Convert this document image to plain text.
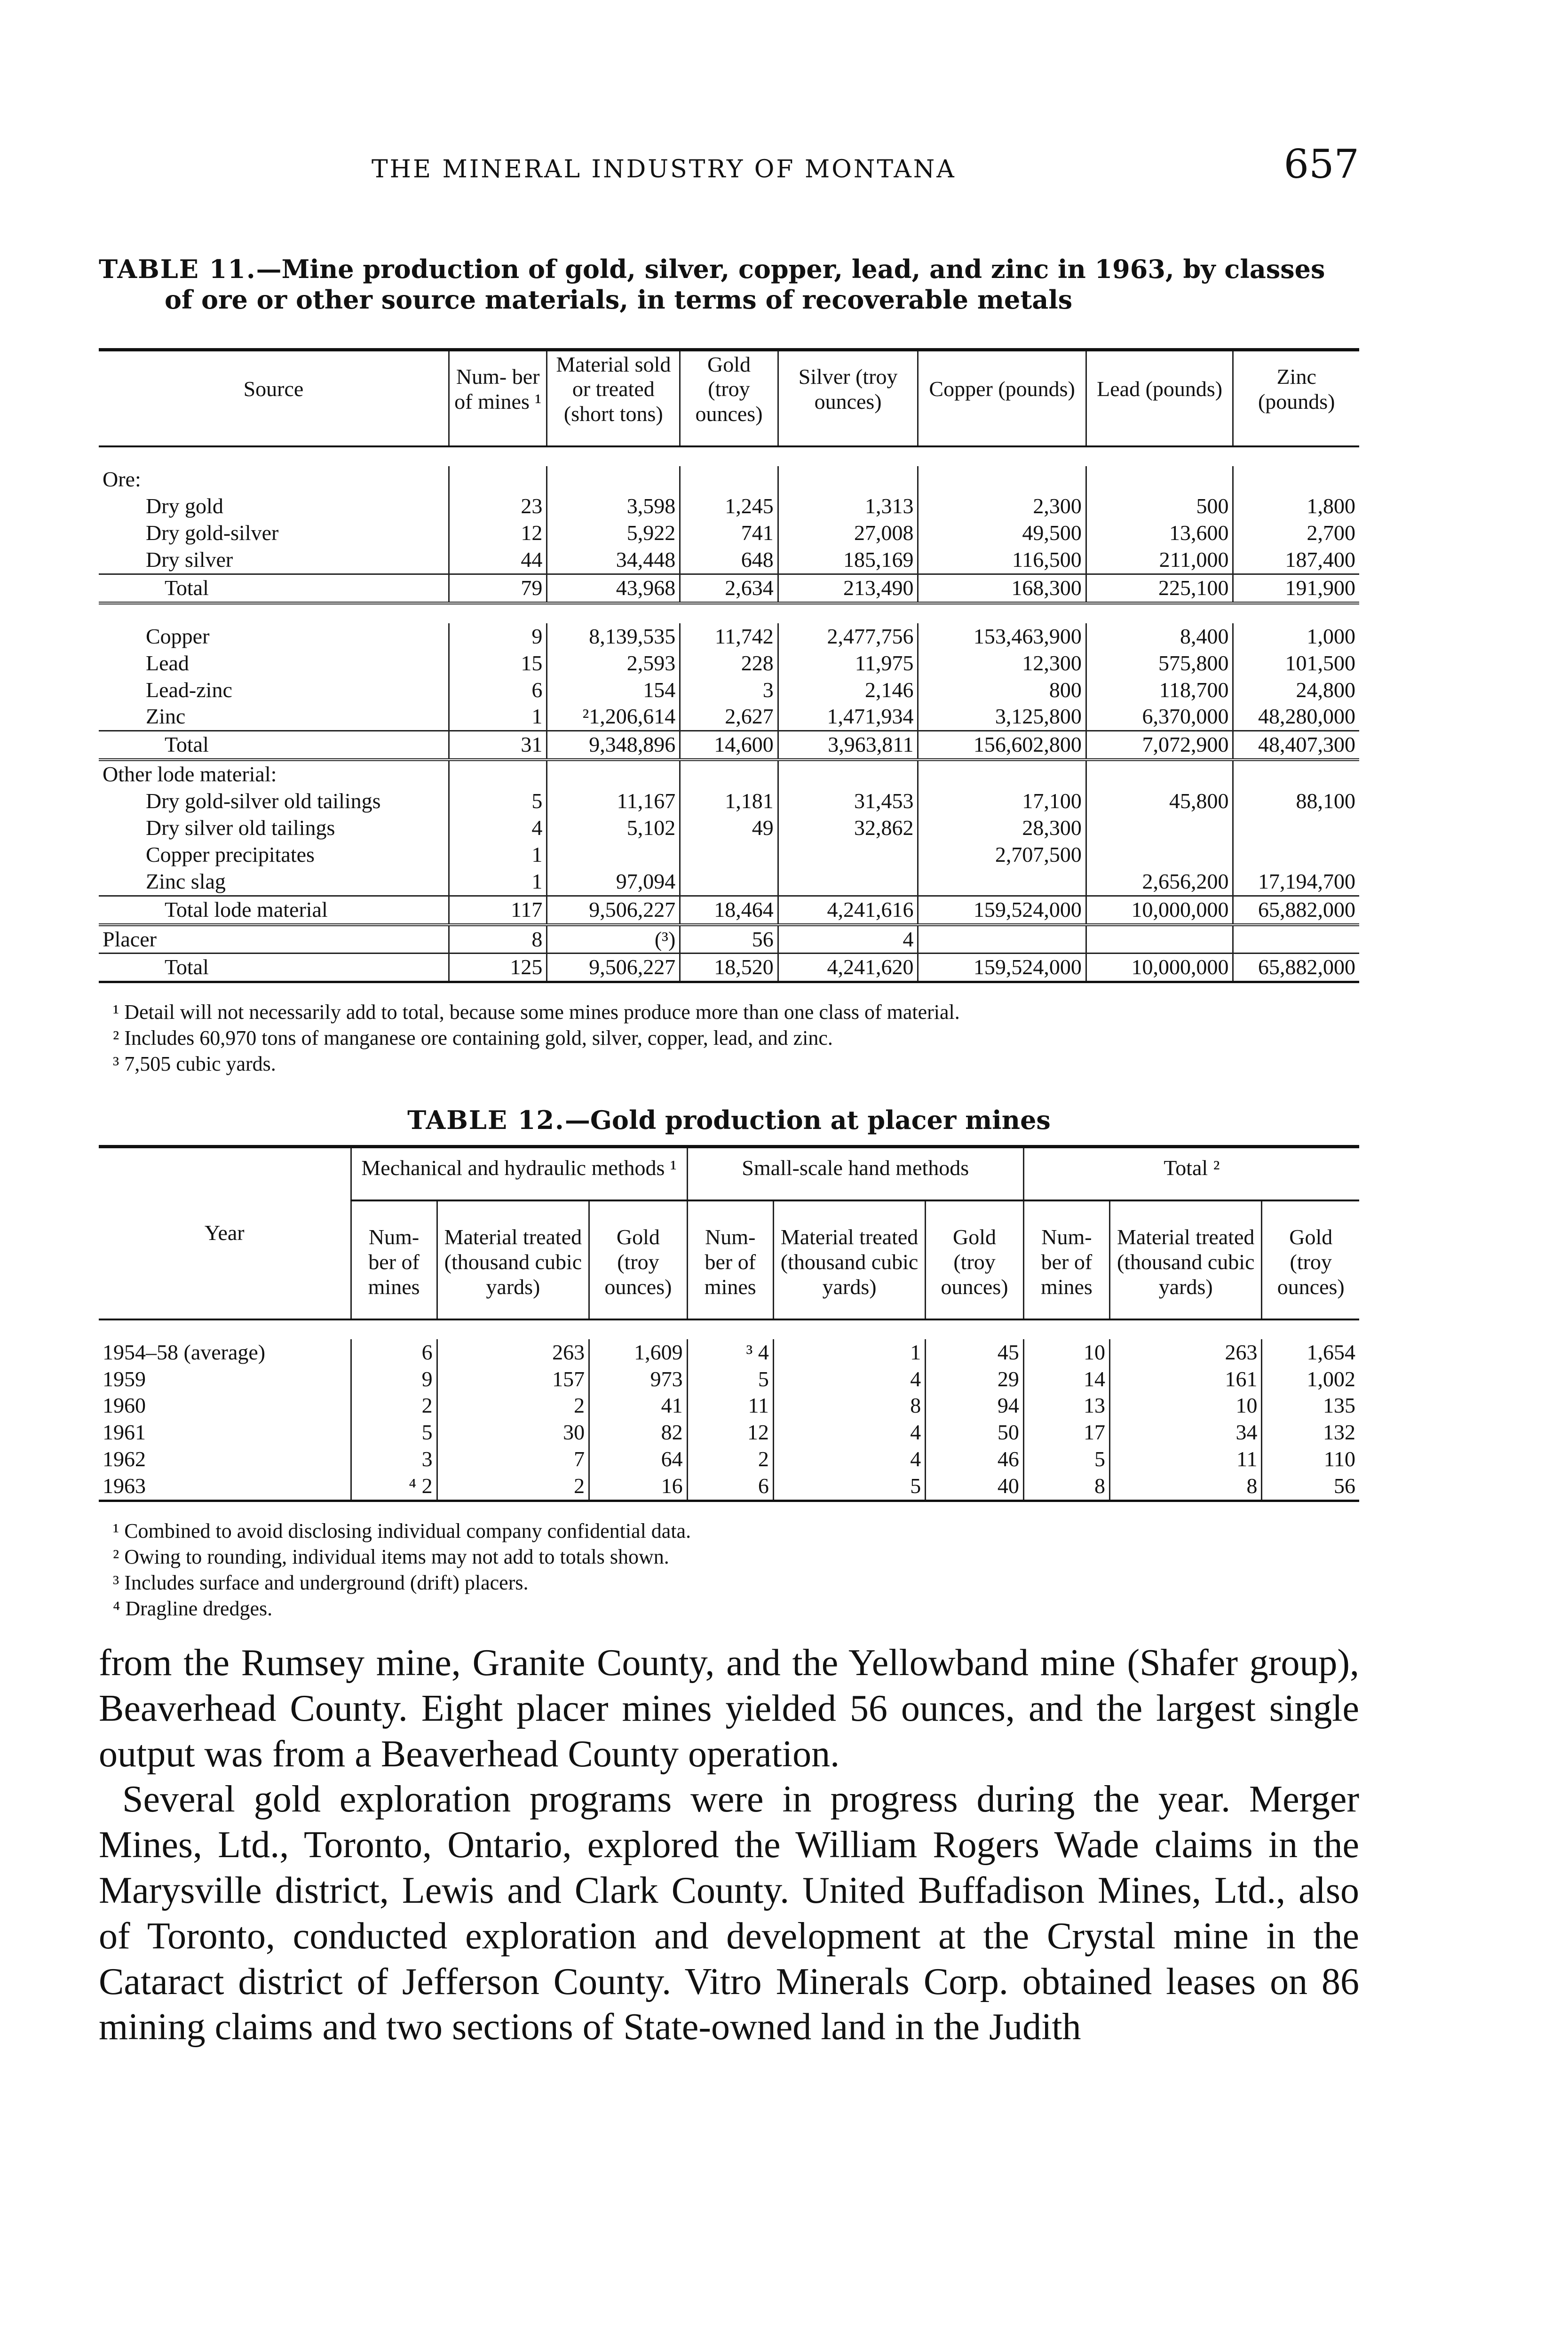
THE MINERAL INDUSTRY OF MONTANA	657
TABLE 11.—Mine production of gold, silver, copper, lead, and zinc in 1963, by classes of ore or other source materials, in terms of recoverable metals
Source	Num- ber of mines ¹	Material sold or treated (short tons)	Gold (troy ounces)	Silver (troy ounces)	Copper (pounds)	Lead (pounds)	Zinc (pounds)

Ore:							
Dry gold	23	3,598	1,245	1,313	2,300	500	1,800
Dry gold-silver	12	5,922	741	27,008	49,500	13,600	2,700
Dry silver	44	34,448	648	185,169	116,500	211,000	187,400
Total	79	43,968	2,634	213,490	168,300	225,100	191,900

Copper	9	8,139,535	11,742	2,477,756	153,463,900	8,400	1,000
Lead	15	2,593	228	11,975	12,300	575,800	101,500
Lead-zinc	6	154	3	2,146	800	118,700	24,800
Zinc	1	²1,206,614	2,627	1,471,934	3,125,800	6,370,000	48,280,000
Total	31	9,348,896	14,600	3,963,811	156,602,800	7,072,900	48,407,300
Other lode material:							
Dry gold-silver old tailings	5	11,167	1,181	31,453	17,100	45,800	88,100
Dry silver old tailings	4	5,102	49	32,862	28,300		
Copper precipitates	1				2,707,500		
Zinc slag	1	97,094				2,656,200	17,194,700
Total lode material	117	9,506,227	18,464	4,241,616	159,524,000	10,000,000	65,882,000
Placer	8	(³)	56	4			
Total	125	9,506,227	18,520	4,241,620	159,524,000	10,000,000	65,882,000

¹ Detail will not necessarily add to total, because some mines produce more than one class of material.

² Includes 60,970 tons of manganese ore containing gold, silver, copper, lead, and zinc.

³ 7,505 cubic yards.

TABLE 12.—Gold production at placer mines
Year	Mechanical and hydraulic methods ¹			Small-scale hand methods			Total ²		
	Num- ber of mines	Material treated (thousand cubic yards)	Gold (troy ounces)	Num- ber of mines	Material treated (thousand cubic yards)	Gold (troy ounces)	Num- ber of mines	Material treated (thousand cubic yards)	Gold (troy ounces)

1954–58 (average)	6	263	1,609	³ 4	1	45	10	263	1,654
1959	9	157	973	5	4	29	14	161	1,002
1960	2	2	41	11	8	94	13	10	135
1961	5	30	82	12	4	50	17	34	132
1962	3	7	64	2	4	46	5	11	110
1963	⁴ 2	2	16	6	5	40	8	8	56

¹ Combined to avoid disclosing individual company confidential data.

² Owing to rounding, individual items may not add to totals shown.

³ Includes surface and underground (drift) placers.

⁴ Dragline dredges.

from the Rumsey mine, Granite County, and the Yellowband mine (Shafer group), Beaverhead County. Eight placer mines yielded 56 ounces, and the largest single output was from a Beaverhead County operation.

Several gold exploration programs were in progress during the year. Merger Mines, Ltd., Toronto, Ontario, explored the William Rogers Wade claims in the Marysville district, Lewis and Clark County. United Buffadison Mines, Ltd., also of Toronto, conducted exploration and development at the Crystal mine in the Cataract district of Jefferson County. Vitro Minerals Corp. obtained leases on 86 mining claims and two sections of State-owned land in the Judith
